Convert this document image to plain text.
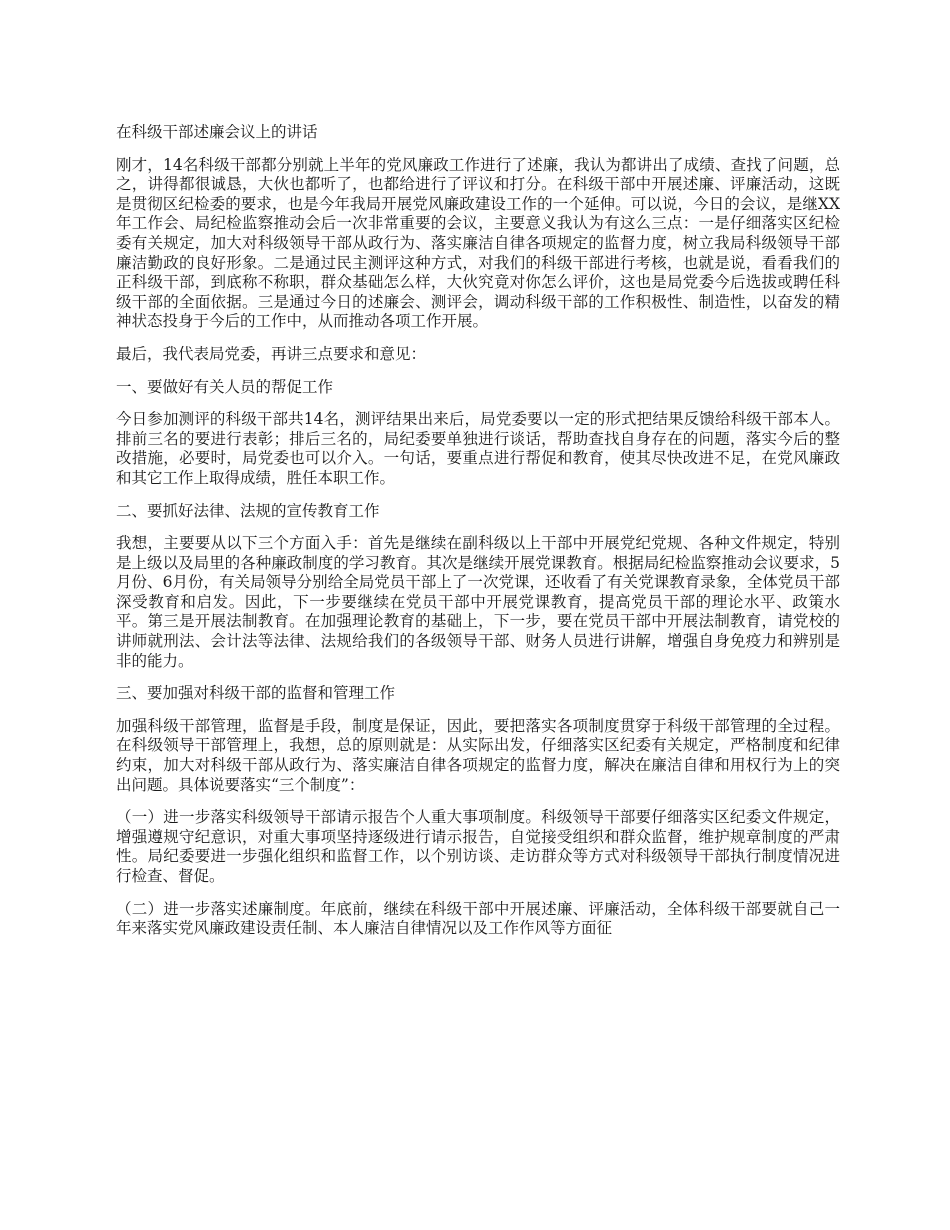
在科级干部述廉会议上的讲话
刚才，14名科级干部都分别就上半年的党风廉政工作进行了述廉，我认为都讲出了成绩、查找了问题，总之，讲得都很诚恳，大伙也都听了，也都给进行了评议和打分。在科级干部中开展述廉、评廉活动，这既是贯彻区纪检委的要求，也是今年我局开展党风廉政建设工作的一个延伸。可以说，今日的会议，是继XX年工作会、局纪检监察推动会后一次非常重要的会议，主要意义我认为有这么三点：一是仔细落实区纪检委有关规定，加大对科级领导干部从政行为、落实廉洁自律各项规定的监督力度，树立我局科级领导干部廉洁勤政的良好形象。二是通过民主测评这种方式，对我们的科级干部进行考核，也就是说，看看我们的正科级干部，到底称不称职，群众基础怎么样，大伙究竟对你怎么评价，这也是局党委今后选拔或聘任科级干部的全面依据。三是通过今日的述廉会、测评会，调动科级干部的工作积极性、制造性，以奋发的精神状态投身于今后的工作中，从而推动各项工作开展。
最后，我代表局党委，再讲三点要求和意见：
一、要做好有关人员的帮促工作
今日参加测评的科级干部共14名，测评结果出来后，局党委要以一定的形式把结果反馈给科级干部本人。排前三名的要进行表彰；排后三名的，局纪委要单独进行谈话，帮助查找自身存在的问题，落实今后的整改措施，必要时，局党委也可以介入。一句话，要重点进行帮促和教育，使其尽快改进不足，在党风廉政和其它工作上取得成绩，胜任本职工作。
二、要抓好法律、法规的宣传教育工作
我想，主要要从以下三个方面入手：首先是继续在副科级以上干部中开展党纪党规、各种文件规定，特别是上级以及局里的各种廉政制度的学习教育。其次是继续开展党课教育。根据局纪检监察推动会议要求，5月份、6月份，有关局领导分别给全局党员干部上了一次党课，还收看了有关党课教育录象，全体党员干部深受教育和启发。因此，下一步要继续在党员干部中开展党课教育，提高党员干部的理论水平、政策水平。第三是开展法制教育。在加强理论教育的基础上，下一步，要在党员干部中开展法制教育，请党校的讲师就刑法、会计法等法律、法规给我们的各级领导干部、财务人员进行讲解，增强自身免疫力和辨别是非的能力。
三、要加强对科级干部的监督和管理工作
加强科级干部管理，监督是手段，制度是保证，因此，要把落实各项制度贯穿于科级干部管理的全过程。在科级领导干部管理上，我想，总的原则就是：从实际出发，仔细落实区纪委有关规定，严格制度和纪律约束，加大对科级干部从政行为、落实廉洁自律各项规定的监督力度，解决在廉洁自律和用权行为上的突出问题。具体说要落实“三个制度”：
（一）进一步落实科级领导干部请示报告个人重大事项制度。科级领导干部要仔细落实区纪委文件规定，增强遵规守纪意识，对重大事项坚持逐级进行请示报告，自觉接受组织和群众监督，维护规章制度的严肃性。局纪委要进一步强化组织和监督工作，以个别访谈、走访群众等方式对科级领导干部执行制度情况进行检查、督促。
（二）进一步落实述廉制度。年底前，继续在科级干部中开展述廉、评廉活动，全体科级干部要就自己一年来落实党风廉政建设责任制、本人廉洁自律情况以及工作作风等方面征
